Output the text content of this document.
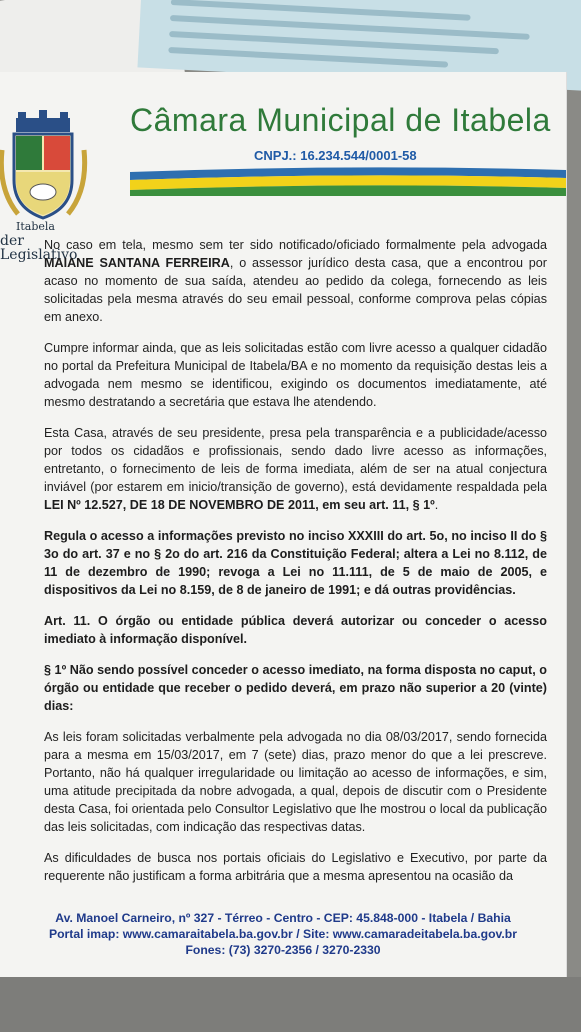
Itabela
der Legislativo
Câmara Municipal de Itabela
CNPJ.: 16.234.544/0001-58

No caso em tela, mesmo sem ter sido notificado/oficiado formalmente pela advogada MAIANE SANTANA FERREIRA, o assessor jurídico desta casa, que a encontrou por acaso no momento de sua saída, atendeu ao pedido da colega, fornecendo as leis solicitadas pela mesma através do seu email pessoal, conforme comprova pelas cópias em anexo.

Cumpre informar ainda, que as leis solicitadas estão com livre acesso a qualquer cidadão no portal da Prefeitura Municipal de Itabela/BA e no momento da requisição destas leis a advogada nem mesmo se identificou, exigindo os documentos imediatamente, até mesmo destratando a secretária que estava lhe atendendo.

Esta Casa, através de seu presidente, presa pela transparência e a publicidade/acesso por todos os cidadãos e profissionais, sendo dado livre acesso as informações, entretanto, o fornecimento de leis de forma imediata, além de ser na atual conjectura inviável (por estarem em inicio/transição de governo), está devidamente respaldada pela LEI Nº 12.527, DE 18 DE NOVEMBRO DE 2011, em seu art. 11, § 1º.

Regula o acesso a informações previsto no inciso XXXIII do art. 5o, no inciso II do § 3o do art. 37 e no § 2o do art. 216 da Constituição Federal; altera a Lei no 8.112, de 11 de dezembro de 1990; revoga a Lei no 11.111, de 5 de maio de 2005, e dispositivos da Lei no 8.159, de 8 de janeiro de 1991; e dá outras providências.

Art. 11. O órgão ou entidade pública deverá autorizar ou conceder o acesso imediato à informação disponível.

§ 1º Não sendo possível conceder o acesso imediato, na forma disposta no caput, o órgão ou entidade que receber o pedido deverá, em prazo não superior a 20 (vinte) dias:

As leis foram solicitadas verbalmente pela advogada no dia 08/03/2017, sendo fornecida para a mesma em 15/03/2017, em 7 (sete) dias, prazo menor do que a lei prescreve. Portanto, não há qualquer irregularidade ou limitação ao acesso de informações, e sim, uma atitude precipitada da nobre advogada, a qual, depois de discutir com o Presidente desta Casa, foi orientada pelo Consultor Legislativo que lhe mostrou o local da publicação das leis solicitadas, com indicação das respectivas datas.

As dificuldades de busca nos portais oficiais do Legislativo e Executivo, por parte da requerente não justificam a forma arbitrária que a mesma apresentou na ocasião da

Av. Manoel Carneiro, nº 327 - Térreo - Centro - CEP: 45.848-000 - Itabela / Bahia
Portal imap: www.camaraitabela.ba.gov.br / Site: www.camaradeitabela.ba.gov.br
Fones: (73) 3270-2356 / 3270-2330
